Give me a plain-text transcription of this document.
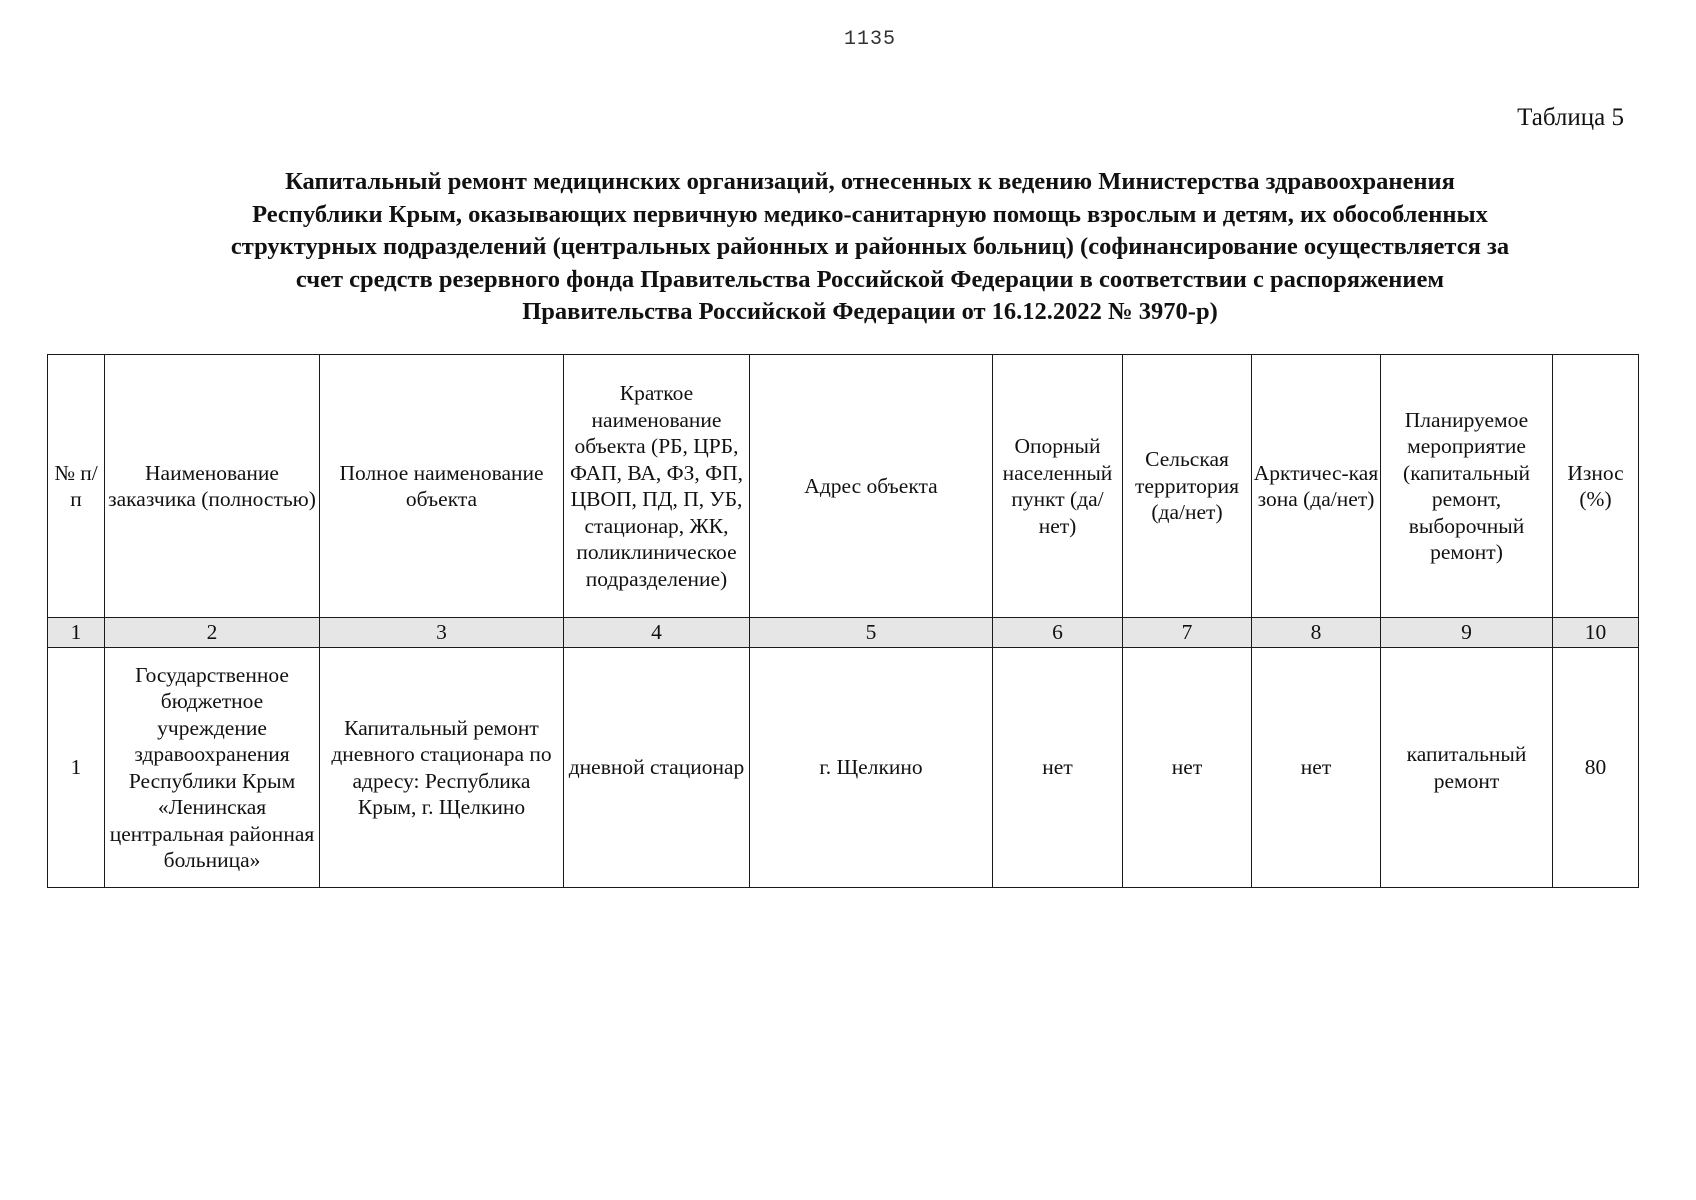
1135
Таблица 5
Капитальный ремонт медицинских организаций, отнесенных к ведению Министерства здравоохранения
Республики Крым, оказывающих первичную медико-санитарную помощь взрослым и детям, их обособленных
структурных подразделений (центральных районных и районных больниц) (софинансирование осуществляется за
счет средств резервного фонда Правительства Российской Федерации в соответствии с распоряжением
Правительства Российской Федерации от 16.12.2022 № 3970-р)
№ п/п	Наименование заказчика (полностью)	Полное наименование объекта	Краткое наименование объекта (РБ, ЦРБ, ФАП, ВА, ФЗ, ФП, ЦВОП, ПД, П, УБ, стационар, ЖК, поликлиническое подразделение)	Адрес объекта	Опорный населенный пункт (да/нет)	Сельская территория (да/нет)	Арктичес-кая зона (да/нет)	Планируемое мероприятие (капитальный ремонт, выборочный ремонт)	Износ (%)
1	2	3	4	5	6	7	8	9	10
1	Государственное бюджетное учреждение здравоохранения Республики Крым «Ленинская центральная районная больница»	Капитальный ремонт дневного стационара по адресу: Республика Крым, г. Щелкино	дневной стационар	г. Щелкино	нет	нет	нет	капитальный ремонт	80
